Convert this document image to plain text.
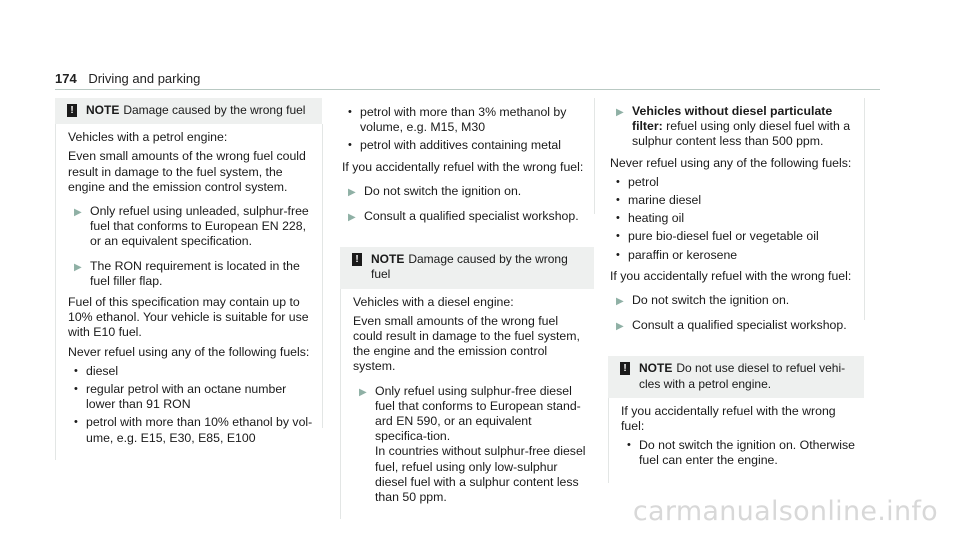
174 Driving and parking
! NOTE Damage caused by the wrong fuel

Vehicles with a petrol engine:

Even small amounts of the wrong fuel could result in damage to the fuel system, the engine and the emission control system.

▶ Only refuel using unleaded, sulphur-free fuel that conforms to European EN 228, or an equivalent specification.
▶ The RON requirement is located in the fuel filler flap.

Fuel of this specification may contain up to 10% ethanol. Your vehicle is suitable for use with E10 fuel.

Never refuel using any of the following fuels:

• diesel
• regular petrol with an octane number lower than 91 RON
• petrol with more than 10% ethanol by vol-ume, e.g. E15, E30, E85, E100
• petrol with more than 3% methanol by volume, e.g. M15, M30
• petrol with additives containing metal

If you accidentally refuel with the wrong fuel:

▶ Do not switch the ignition on.
▶ Consult a qualified specialist workshop.
! NOTE Damage caused by the wrong fuel

Vehicles with a diesel engine:

Even small amounts of the wrong fuel could result in damage to the fuel system, the engine and the emission control system.

▶ Only refuel using sulphur-free diesel fuel that conforms to European stand-ard EN 590, or an equivalent specifica-tion.
In countries without sulphur-free diesel fuel, refuel using only low-sulphur diesel fuel with a sulphur content less than 50 ppm.
▶ Vehicles without diesel particulate filter: refuel using only diesel fuel with a sulphur content less than 500 ppm.

Never refuel using any of the following fuels:

• petrol
• marine diesel
• heating oil
• pure bio-diesel fuel or vegetable oil
• paraffin or kerosene

If you accidentally refuel with the wrong fuel:

▶ Do not switch the ignition on.
▶ Consult a qualified specialist workshop.
! NOTE Do not use diesel to refuel vehi-cles with a petrol engine.

If you accidentally refuel with the wrong fuel:

• Do not switch the ignition on. Otherwise fuel can enter the engine.
carmanualsonline.info
